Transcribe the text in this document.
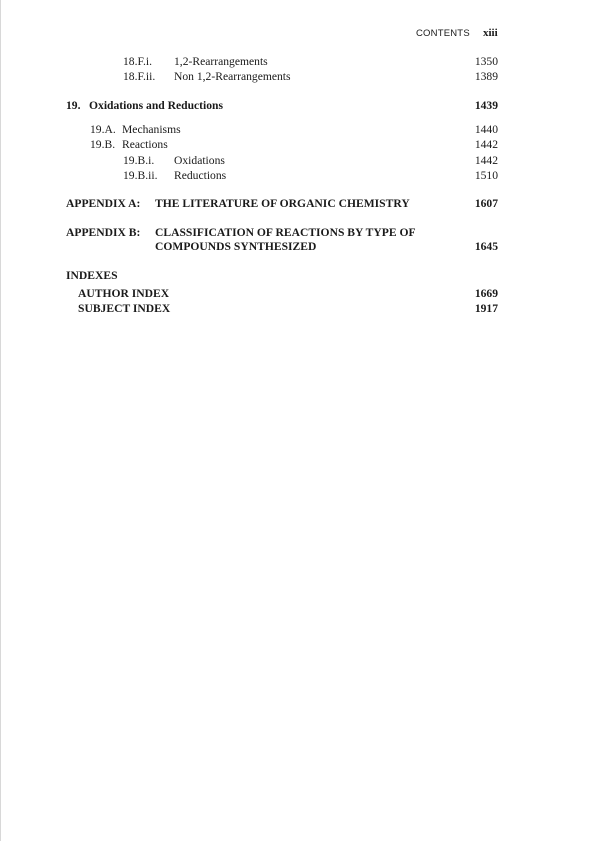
CONTENTS xiii
18.F.i. 1,2-Rearrangements	1350
18.F.ii. Non 1,2-Rearrangements	1389
19. Oxidations and Reductions	1439
19.A. Mechanisms	1440
19.B. Reactions	1442
19.B.i. Oxidations	1442
19.B.ii. Reductions	1510
APPENDIX A: THE LITERATURE OF ORGANIC CHEMISTRY	1607
APPENDIX B: CLASSIFICATION OF REACTIONS BY TYPE OF
COMPOUNDS SYNTHESIZED	1645
INDEXES
AUTHOR INDEX	1669
SUBJECT INDEX	1917
